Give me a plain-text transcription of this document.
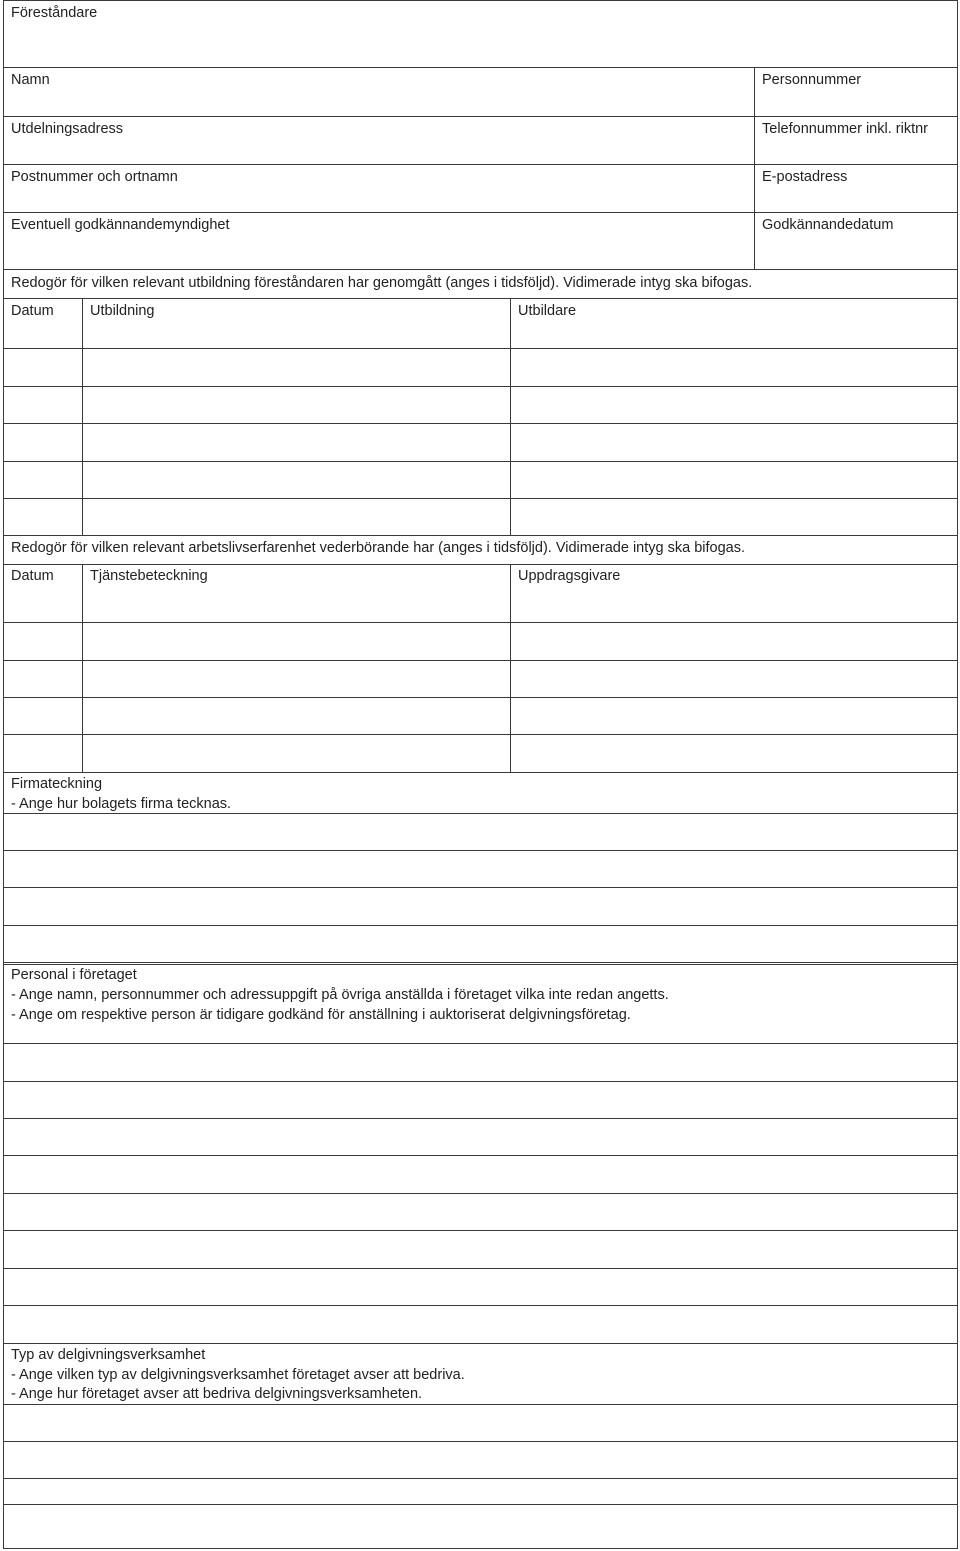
Föreståndare
Namn	Personnummer
Utdelningsadress	Telefonnummer inkl. riktnr
Postnummer och ortnamn	E-postadress
Eventuell godkännandemyndighet	Godkännandedatum
Redogör för vilken relevant utbildning föreståndaren har genomgått (anges i tidsföljd). Vidimerade intyg ska bifogas.
Datum	Utbildning	Utbildare
Redogör för vilken relevant arbetslivserfarenhet vederbörande har (anges i tidsföljd). Vidimerade intyg ska bifogas.
Datum	Tjänstebeteckning	Uppdragsgivare
Firmateckning
- Ange hur bolagets firma tecknas.
Personal i företaget
- Ange namn, personnummer och adressuppgift på övriga anställda i företaget vilka inte redan angetts.
- Ange om respektive person är tidigare godkänd för anställning i auktoriserat delgivningsföretag.
Typ av delgivningsverksamhet
- Ange vilken typ av delgivningsverksamhet företaget avser att bedriva.
- Ange hur företaget avser att bedriva delgivningsverksamheten.
